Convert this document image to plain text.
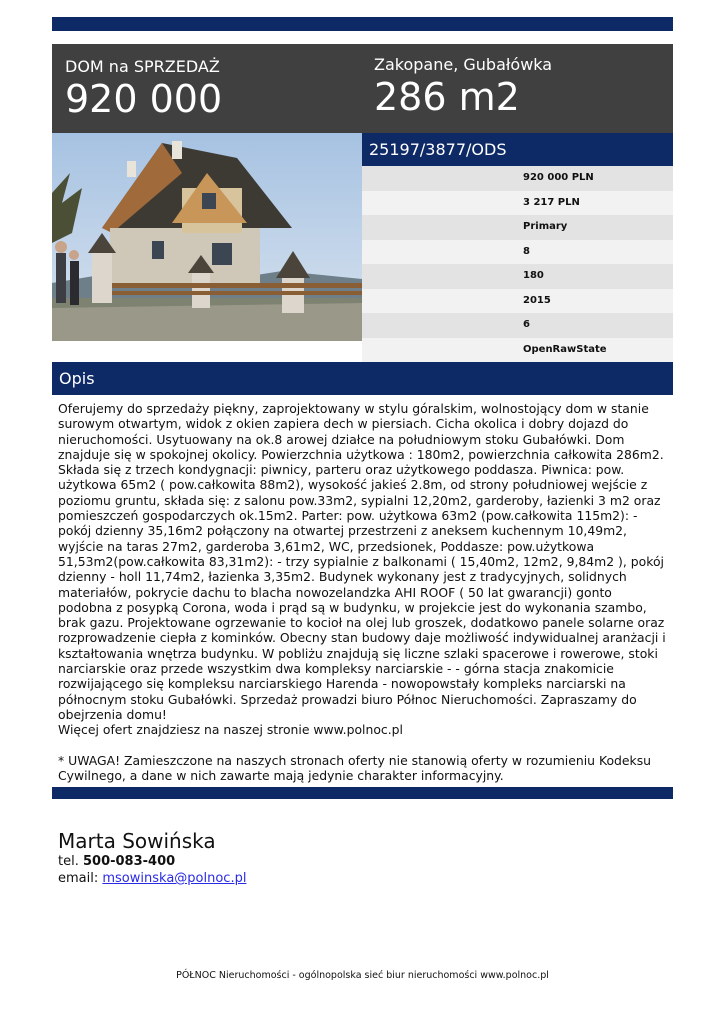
DOM na SPRZEDAŻ
920 000
Zakopane, Gubałówka
286 m2
25197/3877/ODS
920 000 PLN
3 217 PLN
Primary
8
180
2015
6
OpenRawState
Opis
Oferujemy do sprzedaży piękny, zaprojektowany w stylu góralskim, wolnostojący dom w stanie surowym otwartym, widok z okien zapiera dech w piersiach. Cicha okolica i dobry dojazd do nieruchomości. Usytuowany na ok.8 arowej działce na południowym stoku Gubałówki. Dom znajduje się w spokojnej okolicy. Powierzchnia użytkowa : 180m2, powierzchnia całkowita 286m2. Składa się z trzech kondygnacji: piwnicy, parteru oraz użytkowego poddasza. Piwnica: pow. użytkowa 65m2 ( pow.całkowita 88m2), wysokość jakieś 2.8m, od strony południowej wejście z poziomu gruntu, składa się: z salonu pow.33m2, sypialni 12,20m2, garderoby, łazienki 3 m2 oraz pomieszczeń gospodarczych ok.15m2. Parter: pow. użytkowa 63m2 (pow.całkowita 115m2): - pokój dzienny 35,16m2 połączony na otwartej przestrzeni z aneksem kuchennym 10,49m2, wyjście na taras 27m2, garderoba 3,61m2, WC, przedsionek, Poddasze: pow.użytkowa 51,53m2(pow.całkowita 83,31m2): - trzy sypialnie z balkonami ( 15,40m2, 12m2, 9,84m2 ), pokój dzienny - holl 11,74m2, łazienka 3,35m2. Budynek wykonany jest z tradycyjnych, solidnych materiałów, pokrycie dachu to blacha nowozelandzka AHI ROOF ( 50 lat gwarancji) gonto podobna z posypką Corona, woda i prąd są w budynku, w projekcie jest do wykonania szambo, brak gazu. Projektowane ogrzewanie to kocioł na olej lub groszek, dodatkowo panele solarne oraz rozprowadzenie ciepła z kominków. Obecny stan budowy daje możliwość indywidualnej aranżacji i kształtowania wnętrza budynku. W pobliżu znajdują się liczne szlaki spacerowe i rowerowe, stoki narciarskie oraz przede wszystkim dwa kompleksy narciarskie - - górna stacja znakomicie rozwijającego się kompleksu narciarskiego Harenda - nowopowstały kompleks narciarski na północnym stoku Gubałówki. Sprzedaż prowadzi biuro Północ Nieruchomości. Zapraszamy do obejrzenia domu!
Więcej ofert znajdziesz na naszej stronie www.polnoc.pl

* UWAGA! Zamieszczone na naszych stronach oferty nie stanowią oferty w rozumieniu Kodeksu Cywilnego, a dane w nich zawarte mają jedynie charakter informacyjny.
Marta Sowińska
tel. 500-083-400
email: msowinska@polnoc.pl
PÓŁNOC Nieruchomości - ogólnopolska sieć biur nieruchomości www.polnoc.pl
